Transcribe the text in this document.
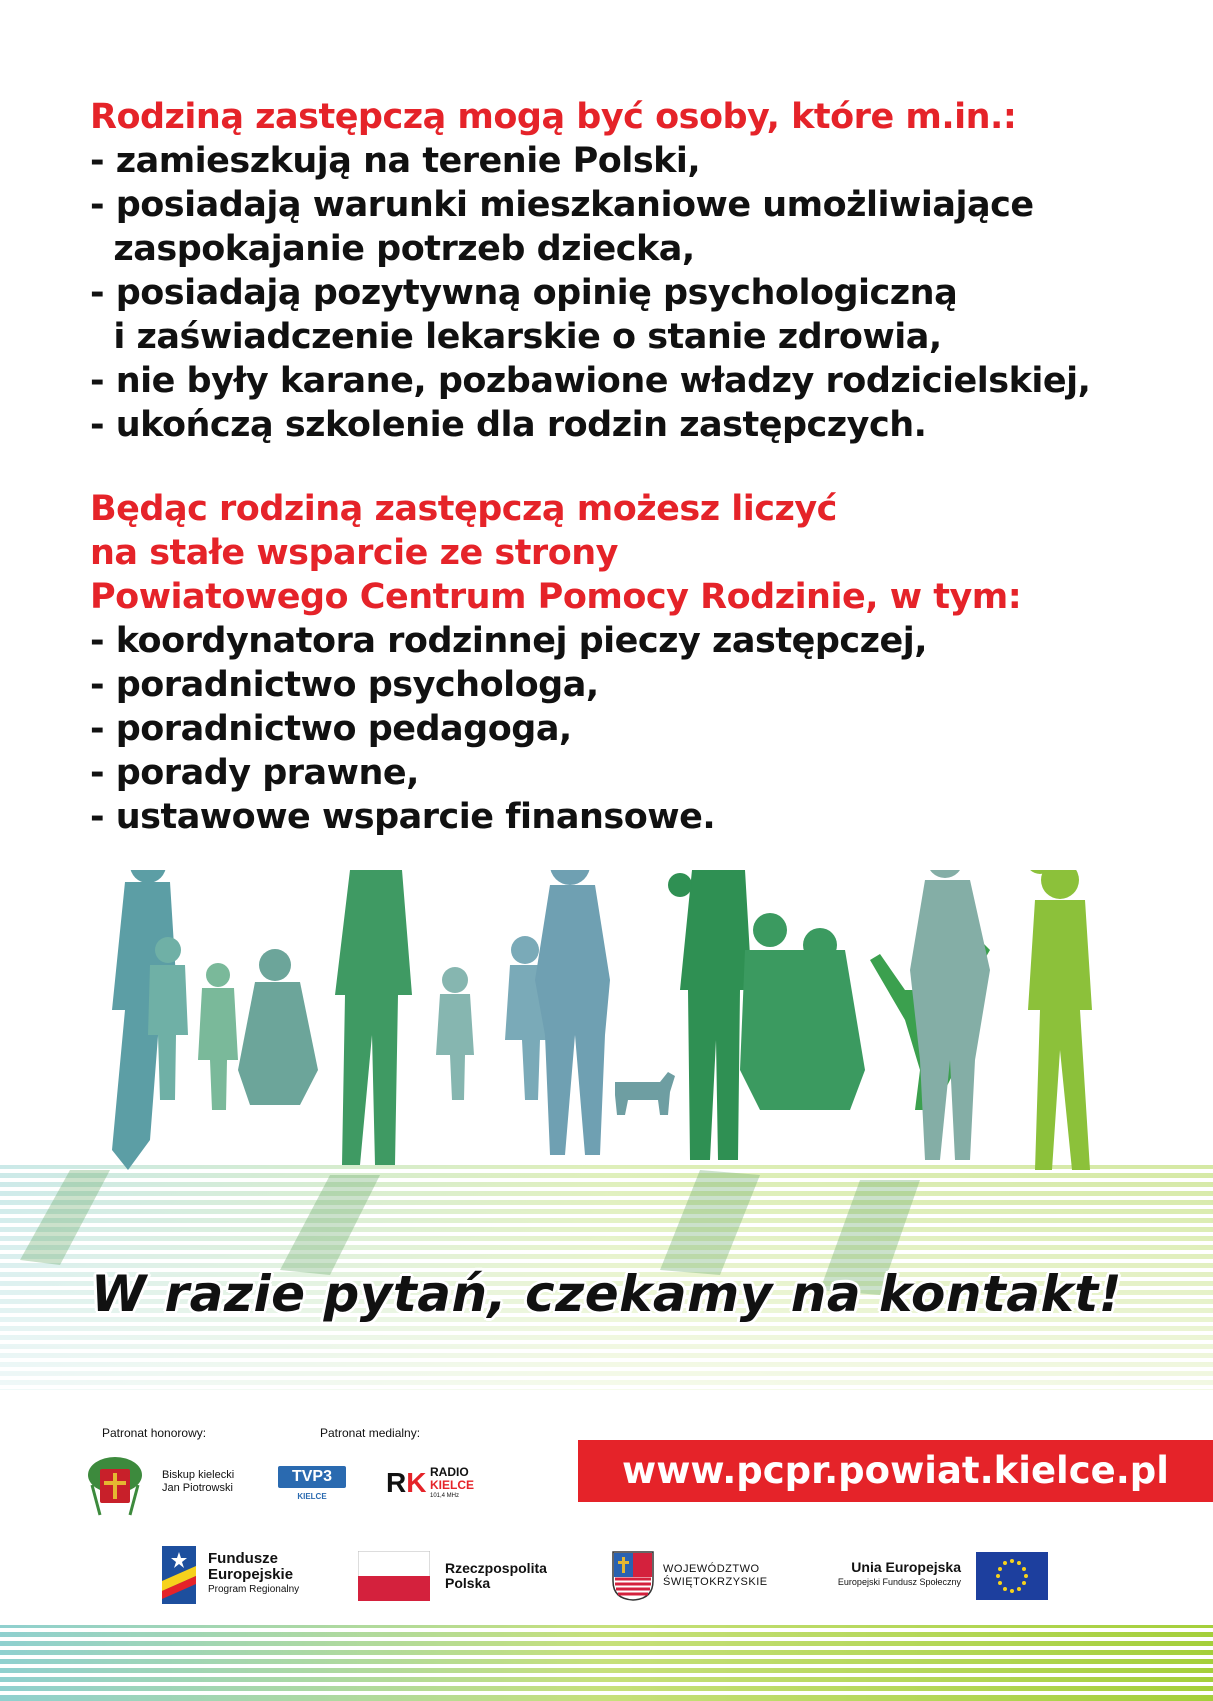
Rodziną zastępczą mogą być osoby, które m.in.:
- zamieszkują na terenie Polski,
- posiadają warunki mieszkaniowe umożliwiające
zaspokajanie potrzeb dziecka,
- posiadają pozytywną opinię psychologiczną
i zaświadczenie lekarskie o stanie zdrowia,
- nie były karane, pozbawione władzy rodzicielskiej,
- ukończą szkolenie dla rodzin zastępczych.
Będąc rodziną zastępczą możesz liczyć
na stałe wsparcie ze strony
Powiatowego Centrum Pomocy Rodzinie, w tym:
- koordynatora rodzinnej pieczy zastępczej,
- poradnictwo psychologa,
- poradnictwo pedagoga,
- porady prawne,
- ustawowe wsparcie finansowe.
W razie pytań, czekamy na kontakt!
Patronat honorowy:	Patronat medialny:
Biskup kielecki
Jan Piotrowski
TVP3
KIELCE	RK RADIO
KIELCE
101,4 MHz
www.pcpr.powiat.kielce.pl
Fundusze
Europejskie
Program Regionalny
Rzeczpospolita
Polska
WOJEWÓDZTWO
ŚWIĘTOKRZYSKIE
Unia Europejska
Europejski Fundusz Społeczny
